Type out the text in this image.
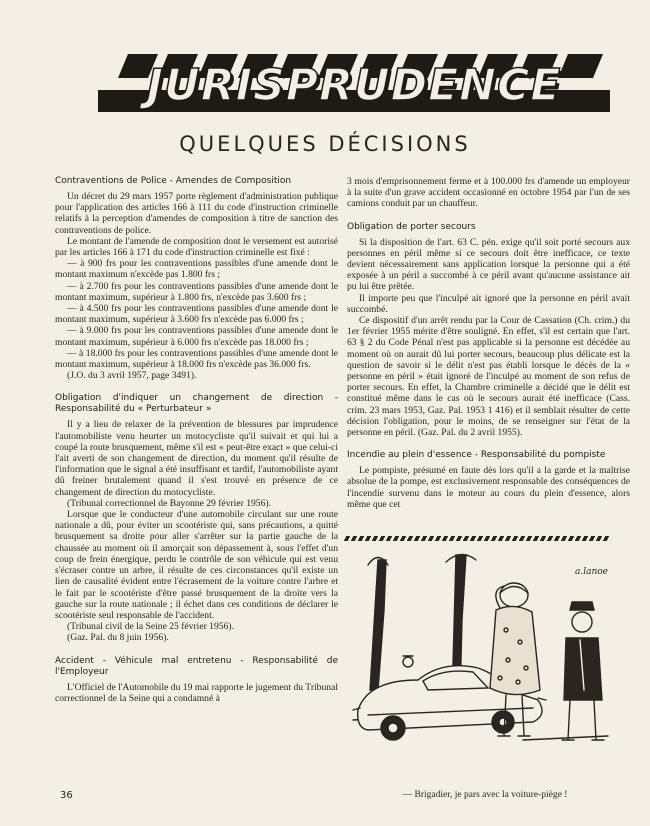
JURISPRUDENCE
QUELQUES DÉCISIONS
Contraventions de Police - Amendes de Composition

Un décret du 29 mars 1957 porte règlement d'administration publique pour l'application des articles 166 à 111 du code d'instruction criminelle relatifs à la perception d'amendes de composition à titre de sanction des contraventions de police.

Le montant de l'amende de composition dont le versement est autorisé par les articles 166 à 171 du code d'instruction criminelle est fixé :

— à 900 frs pour les contraventions passibles d'une amende dont le montant maximum n'excède pas 1.800 frs ;

— à 2.700 frs pour les contraventions passibles d'une amende dont le montant maximum, supérieur à 1.800 frs, n'excède pas 3.600 frs ;

— à 4.500 frs pour les contraventions passibles d'une amende dont le montant maximum, supérieur à 3.600 frs n'excède pas 6.000 frs ;

— à 9.000 frs pour les contraventions passibles d'une amende dont le montant maximum, supérieur à 6.000 frs n'excède pas 18.000 frs ;

— à 18.000 frs pour les contraventions passibles d'une amende dont le montant maximum, supérieur à 18.000 frs n'excède pas 36.000 frs.

(J.O. du 3 avril 1957, page 3491).

Obligation d'indiquer un changement de direction - Responsabilité du « Perturbateur »

Il y a lieu de relaxer de la prévention de blessures par imprudence l'automobiliste venu heurter un motocycliste qu'il suivait et qui lui a coupé la route brusquement, même s'il est « peut-être exact » que celui-ci l'ait averti de son changement de direction, du moment qu'il résulte de l'information que le signal a été insuffisant et tardif, l'automobiliste ayant dû freiner brutalement quand il s'est trouvé en présence de ce changement de direction du motocycliste.

(Tribunal correctionnel de Bayonne 29 février 1956).

Lorsque que le conducteur d'une automobile circulant sur une route nationale a dû, pour éviter un scootériste qui, sans précautions, a quitté brusquement sa droite pour aller s'arrêter sur la partie gauche de la chaussée au moment où il amorçait son dépassement à, sous l'effet d'un coup de frein énergique, perdu le contrôle de son véhicule qui est venu s'écraser contre un arbre, il résulte de ces circonstances qu'il existe un lien de causalité évident entre l'écrasement de la voiture contre l'arbre et le fait par le scootériste d'être passé brusquement de la droite vers la gauche sur la route nationale ; il échet dans ces conditions de déclarer le scootériste seul responsable de l'accident.

(Tribunal civil de la Seine 25 février 1956).

(Gaz. Pal. du 8 juin 1956).

Accident - Véhicule mal entretenu - Responsabilité de l'Employeur

L'Officiel de l'Automobile du 19 mai rapporte le jugement du Tribunal correctionnel de la Seine qui a condamné à

3 mois d'emprisonnement ferme et à 100.000 frs d'amende un employeur à la suite d'un grave accident occasionné en octobre 1954 par l'un de ses camions conduit par un chauffeur.

Obligation de porter secours

Si la disposition de l'art. 63 C. pén. exige qu'il soit porté secours aux personnes en péril même si ce secours doit être inefficace, ce texte devient nécessairement sans application lorsque la personne qui a été exposée à un péril a succombé à ce péril avant qu'aucune assistance ait pu lui être prêtée.

Il importe peu que l'inculpé ait ignoré que la personne en péril avait succombé.

Ce dispositif d'un arrêt rendu par la Cour de Cassation (Ch. crim.) du 1er février 1955 mérite d'être souligné. En effet, s'il est certain que l'art. 63 § 2 du Code Pénal n'est pas applicable si la personne est décédée au moment où on aurait dû lui porter secours, beaucoup plus délicate est la question de savoir si le délit n'est pas établi lorsque le décès de la « personne en péril » était ignoré de l'inculpé au moment de son refus de porter secours. En effet, la Chambre criminelle a décidé que le délit est constitué même dans le cas où le secours aurait été inefficace (Cass. crim. 23 mars 1953, Gaz. Pal. 1953 1 416) et il semblait résulter de cette décision l'obligation, pour le moins, de se renseigner sur l'état de la personne en péril. (Gaz. Pal. du 2 avril 1955).

Incendie au plein d'essence - Responsabilité du pompiste

Le pompiste, présumé en faute dès lors qu'il a la garde et la maîtrise absolue de la pompe, est exclusivement responsable des conséquences de l'incendie survenu dans le moteur au cours du plein d'essence, alors même que cet

a.lanoe
— Brigadier, je pars avec la voiture-piège !
36
